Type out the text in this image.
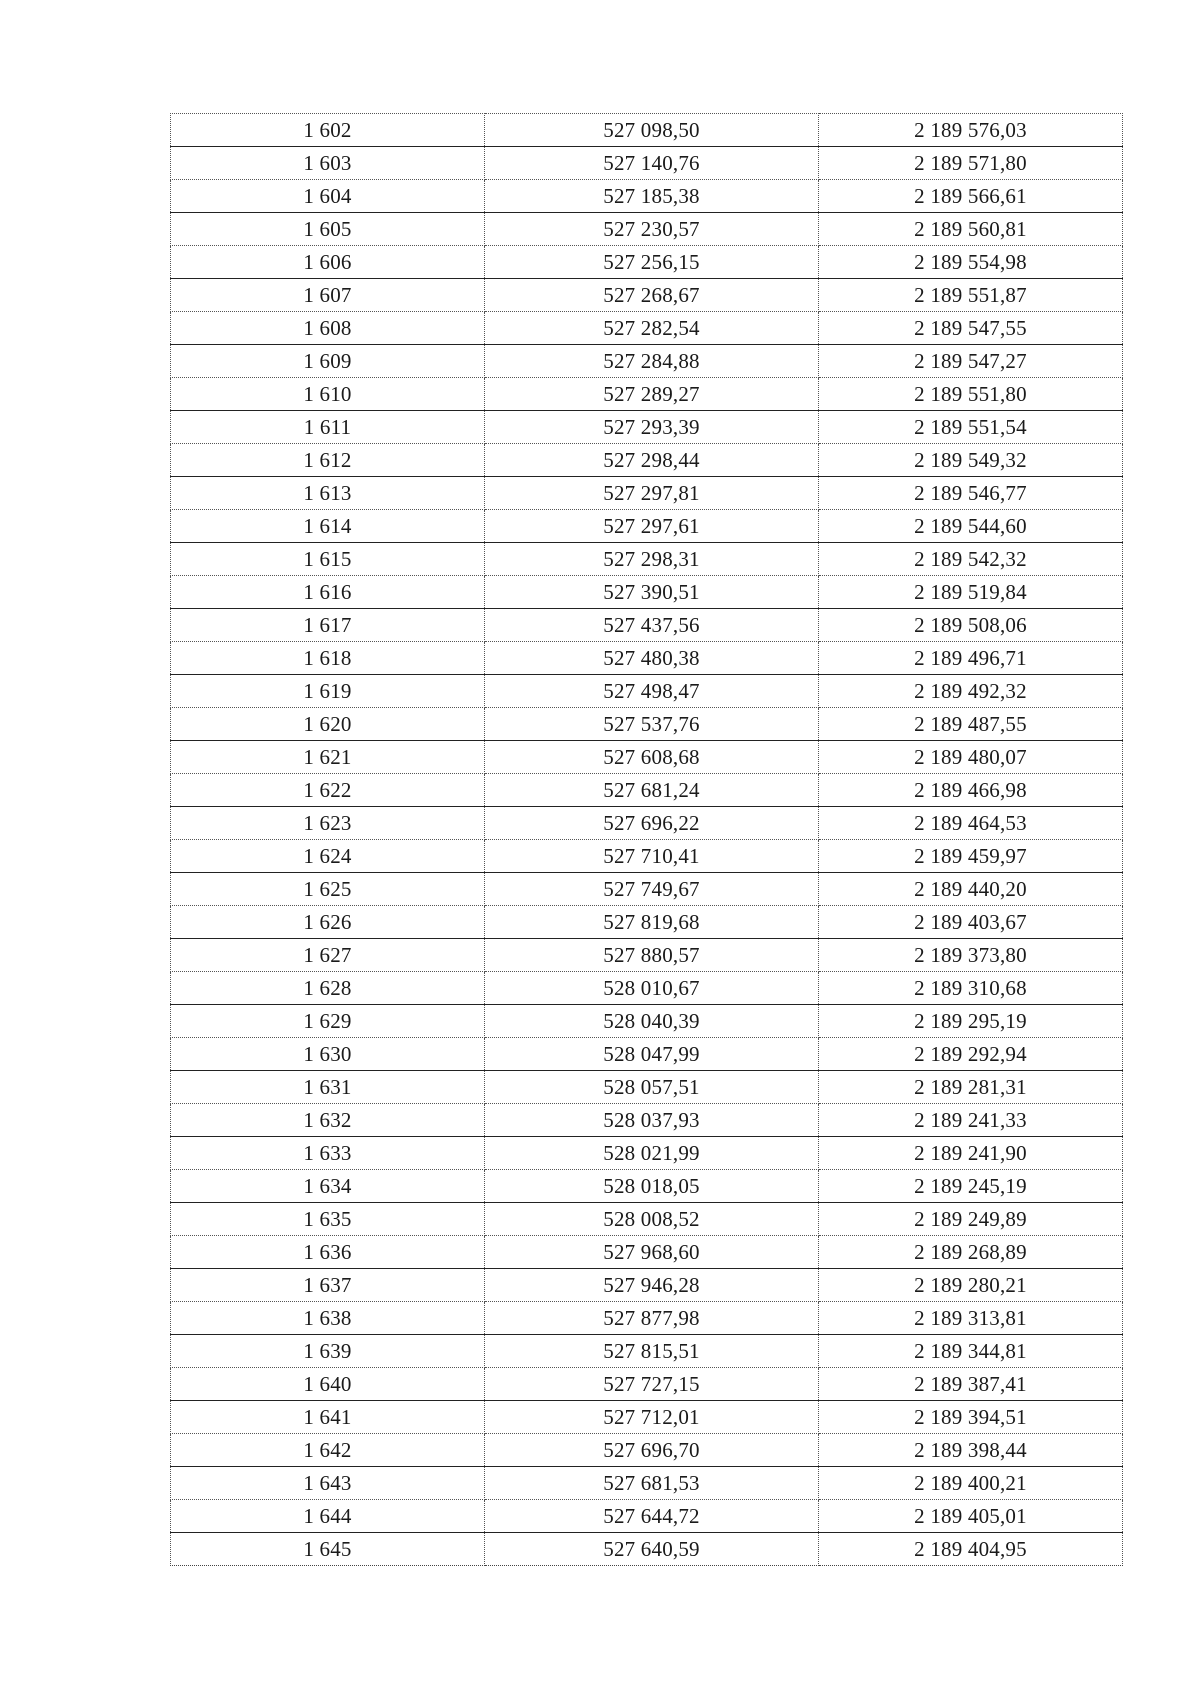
1 602	527 098,50	2 189 576,03
1 603	527 140,76	2 189 571,80
1 604	527 185,38	2 189 566,61
1 605	527 230,57	2 189 560,81
1 606	527 256,15	2 189 554,98
1 607	527 268,67	2 189 551,87
1 608	527 282,54	2 189 547,55
1 609	527 284,88	2 189 547,27
1 610	527 289,27	2 189 551,80
1 611	527 293,39	2 189 551,54
1 612	527 298,44	2 189 549,32
1 613	527 297,81	2 189 546,77
1 614	527 297,61	2 189 544,60
1 615	527 298,31	2 189 542,32
1 616	527 390,51	2 189 519,84
1 617	527 437,56	2 189 508,06
1 618	527 480,38	2 189 496,71
1 619	527 498,47	2 189 492,32
1 620	527 537,76	2 189 487,55
1 621	527 608,68	2 189 480,07
1 622	527 681,24	2 189 466,98
1 623	527 696,22	2 189 464,53
1 624	527 710,41	2 189 459,97
1 625	527 749,67	2 189 440,20
1 626	527 819,68	2 189 403,67
1 627	527 880,57	2 189 373,80
1 628	528 010,67	2 189 310,68
1 629	528 040,39	2 189 295,19
1 630	528 047,99	2 189 292,94
1 631	528 057,51	2 189 281,31
1 632	528 037,93	2 189 241,33
1 633	528 021,99	2 189 241,90
1 634	528 018,05	2 189 245,19
1 635	528 008,52	2 189 249,89
1 636	527 968,60	2 189 268,89
1 637	527 946,28	2 189 280,21
1 638	527 877,98	2 189 313,81
1 639	527 815,51	2 189 344,81
1 640	527 727,15	2 189 387,41
1 641	527 712,01	2 189 394,51
1 642	527 696,70	2 189 398,44
1 643	527 681,53	2 189 400,21
1 644	527 644,72	2 189 405,01
1 645	527 640,59	2 189 404,95
